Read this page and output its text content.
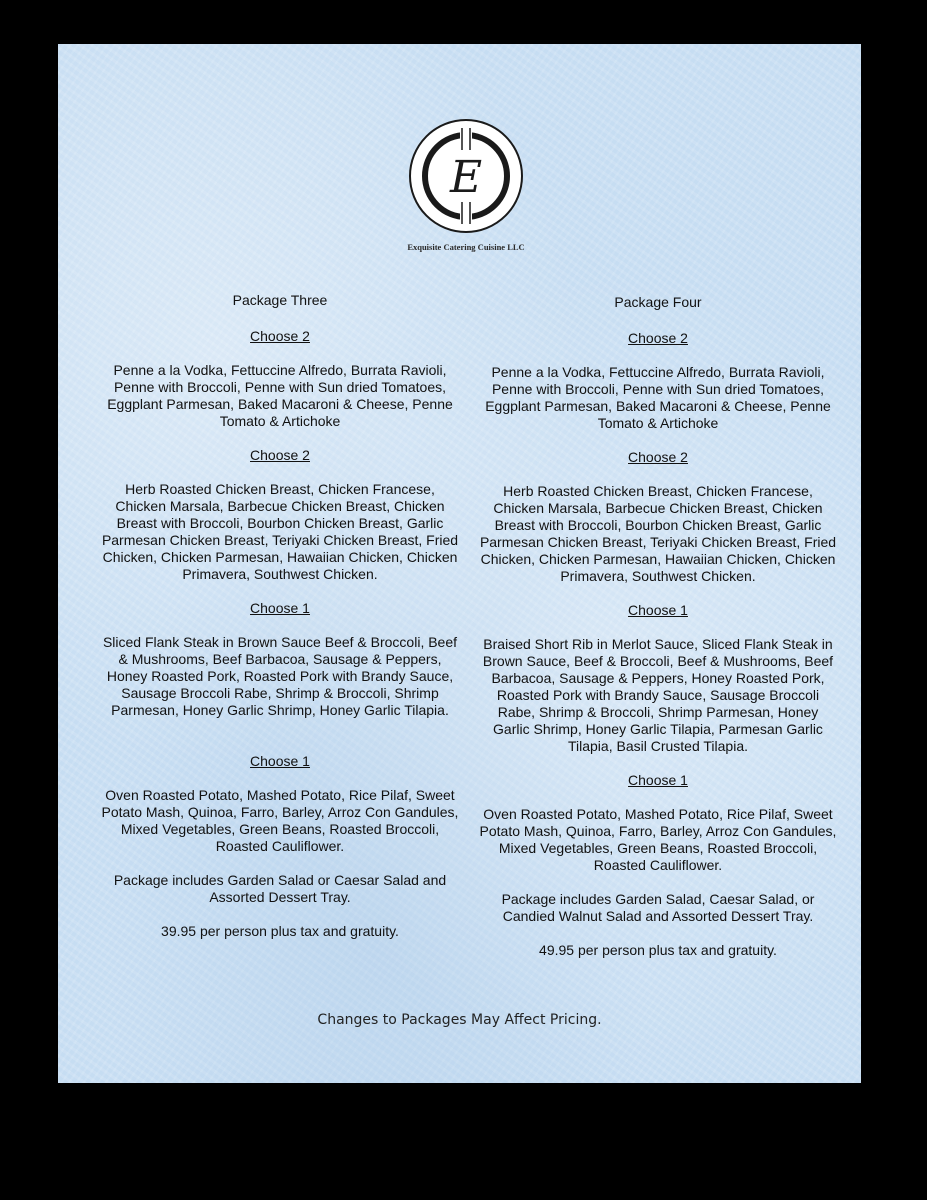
E
Exquisite Catering Cuisine LLC
Package Three
Choose 2
Penne a la Vodka, Fettuccine Alfredo, Burrata Ravioli, Penne with Broccoli, Penne with Sun dried Tomatoes, Eggplant Parmesan, Baked Macaroni & Cheese, Penne Tomato & Artichoke
Choose 2
Herb Roasted Chicken Breast, Chicken Francese, Chicken Marsala, Barbecue Chicken Breast, Chicken Breast with Broccoli, Bourbon Chicken Breast, Garlic Parmesan Chicken Breast, Teriyaki Chicken Breast, Fried Chicken, Chicken Parmesan, Hawaiian Chicken, Chicken Primavera, Southwest Chicken.
Choose 1
Sliced Flank Steak in Brown Sauce Beef & Broccoli, Beef & Mushrooms, Beef Barbacoa, Sausage & Peppers, Honey Roasted Pork, Roasted Pork with Brandy Sauce, Sausage Broccoli Rabe, Shrimp & Broccoli, Shrimp Parmesan, Honey Garlic Shrimp, Honey Garlic Tilapia.
Choose 1
Oven Roasted Potato, Mashed Potato, Rice Pilaf, Sweet Potato Mash, Quinoa, Farro, Barley, Arroz Con Gandules, Mixed Vegetables, Green Beans, Roasted Broccoli, Roasted Cauliflower.
Package includes Garden Salad or Caesar Salad and Assorted Dessert Tray.
39.95 per person plus tax and gratuity.
Package Four
Choose 2
Penne a la Vodka, Fettuccine Alfredo, Burrata Ravioli, Penne with Broccoli, Penne with Sun dried Tomatoes, Eggplant Parmesan, Baked Macaroni & Cheese, Penne Tomato & Artichoke
Choose 2
Herb Roasted Chicken Breast, Chicken Francese, Chicken Marsala, Barbecue Chicken Breast, Chicken Breast with Broccoli, Bourbon Chicken Breast, Garlic Parmesan Chicken Breast, Teriyaki Chicken Breast, Fried Chicken, Chicken Parmesan, Hawaiian Chicken, Chicken Primavera, Southwest Chicken.
Choose 1
Braised Short Rib in Merlot Sauce, Sliced Flank Steak in Brown Sauce, Beef & Broccoli, Beef & Mushrooms, Beef Barbacoa, Sausage & Peppers, Honey Roasted Pork, Roasted Pork with Brandy Sauce, Sausage Broccoli Rabe, Shrimp & Broccoli, Shrimp Parmesan, Honey Garlic Shrimp, Honey Garlic Tilapia, Parmesan Garlic Tilapia, Basil Crusted Tilapia.
Choose 1
Oven Roasted Potato, Mashed Potato, Rice Pilaf, Sweet Potato Mash, Quinoa, Farro, Barley, Arroz Con Gandules, Mixed Vegetables, Green Beans, Roasted Broccoli, Roasted Cauliflower.
Package includes Garden Salad, Caesar Salad, or Candied Walnut Salad and Assorted Dessert Tray.
49.95 per person plus tax and gratuity.
Changes to Packages May Affect Pricing.
